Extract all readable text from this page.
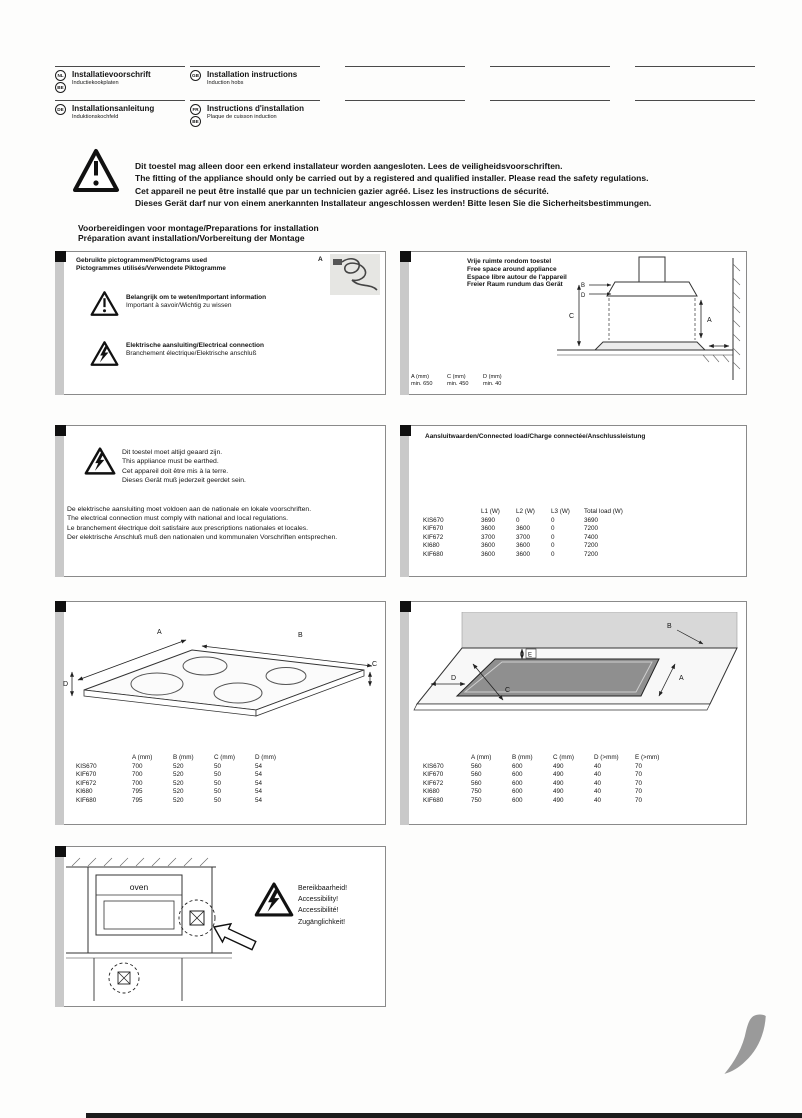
NL
BE
Installatievoorschrift
Inductiekookplaten
GB Installation instructions
Induction hobs
DE Installationsanleitung
Induktionskochfeld
FR
BE
Instructions d'installation
Plaque de cuisson induction
Dit toestel mag alleen door een erkend installateur worden aangesloten. Lees de veiligheidsvoorschriften.
The fitting of the appliance should only be carried out by a registered and qualified installer. Please read the safety regulations.
Cet appareil ne peut être installé que par un technicien gazier agréé. Lisez les instructions de sécurité.
Dieses Gerät darf nur von einem anerkannten Installateur angeschlossen werden! Bitte lesen Sie die Sicherheitsbestimmungen.
Voorbereidingen voor montage/Preparations for installation
Préparation avant installation/Vorbereitung der Montage
Gebruikte pictogrammen/Pictograms used
Pictogrammes utilisés/Verwendete Piktogramme
A
Belangrijk om te weten/Important information
Important à savoir/Wichtig zu wissen
Elektrische aansluiting/Electrical connection
Branchement électrique/Elektrische anschluß
Vrije ruimte rondom toestel
Free space around appliance
Espace libre autour de l'appareil
Freier Raum rundum das Gerät
A
C
B
D
A (mm)	C (mm)	D (mm)
min. 650	min. 450	min. 40
Dit toestel moet altijd geaard zijn.
This appliance must be earthed.
Cet appareil doit être mis à la terre.
Dieses Gerät muß jederzeit geerdet sein.
De elektrische aansluiting moet voldoen aan de nationale en lokale voorschriften.
The electrical connection must comply with national and local regulations.
Le branchement électrique doit satisfaire aux prescriptions nationales et locales.
Der elektrische Anschluß muß den nationalen und kommunalen Vorschriften entsprechen.
Aansluitwaarden/Connected load/Charge connectée/Anschlussleistung
	L1 (W)	L2 (W)	L3 (W)	Total load (W)
KIS670	3690	0	0	3690
KIF670	3600	3600	0	7200
KIF672	3700	3700	0	7400
KI680	3600	3600	0	7200
KIF680	3600	3600	0	7200
A	B
C
D
	A (mm)	B (mm)	C (mm)	D (mm)
KIS670	700	520	50	54
KIF670	700	520	50	54
KIF672	700	520	50	54
KI680	795	520	50	54
KIF680	795	520	50	54
B
A
E
D
C
	A (mm)	B (mm)	C (mm)	D (>mm)	E (>mm)
KIS670	560	600	490	40	70
KIF670	560	600	490	40	70
KIF672	560	600	490	40	70
KI680	750	600	490	40	70
KIF680	750	600	490	40	70
oven	Bereikbaarheid!
Accessibility!
Accessibilité!
Zugänglichkeit!
